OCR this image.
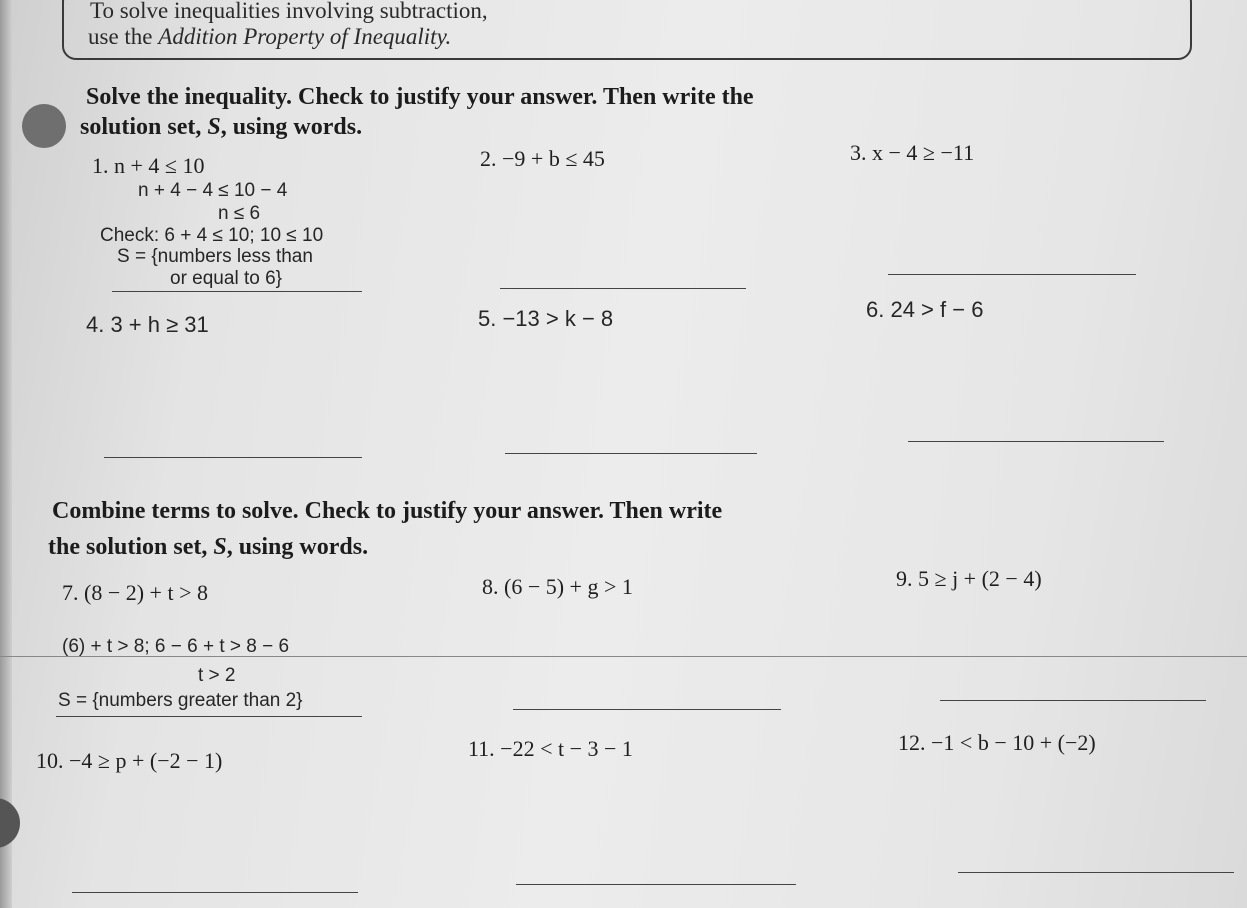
To solve inequalities involving subtraction,
use the Addition Property of Inequality.
Solve the inequality. Check to justify your answer. Then write the
solution set, S, using words.
1. n + 4 ≤ 10	2. −9 + b ≤ 45	3. x − 4 ≥ −11
n + 4 − 4 ≤ 10 − 4
n ≤ 6
Check: 6 + 4 ≤ 10; 10 ≤ 10
S = {numbers less than
or equal to 6}
4. 3 + h ≥ 31	5. −13 > k − 8	6. 24 > f − 6
Combine terms to solve. Check to justify your answer. Then write
the solution set, S, using words.
7. (8 − 2) + t > 8	8. (6 − 5) + g > 1	9. 5 ≥ j + (2 − 4)
(6) + t > 8; 6 − 6 + t > 8 − 6
t > 2
S = {numbers greater than 2}
10. −4 ≥ p + (−2 − 1)	11. −22 < t − 3 − 1	12. −1 < b − 10 + (−2)
